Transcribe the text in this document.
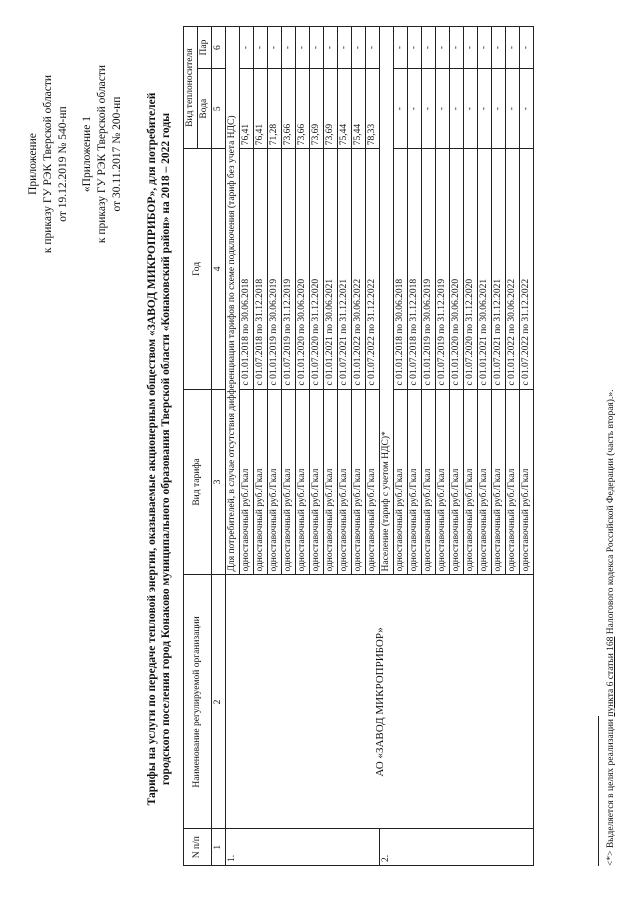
Приложение к приказу ГУ РЭК Тверской области от 19.12.2019 № 540-нп «Приложение 1 к приказу ГУ РЭК Тверской области от 30.11.2017 № 200-нп Тарифы на услуги по передаче тепловой энергии, оказываемые акционерным обществом «ЗАВОД МИКРОПРИБОР», для потребителей городского поселения город Конаково муниципального образования Тверской области «Конаковский район» на 2018 – 2022 годы
N п/п	Наименование регулируемой организации	Вид тарифа	Год	Вид теплоносителя	
				Вода	Пар
1	2	3	4	5	6
1.	АО «ЗАВОД МИКРОПРИБОР»	Для потребителей, в случае отсутствия дифференциации тарифов по схеме подключения (тариф без учета НДС)			
		одноставочный руб./Гкал	с 01.01.2018 по 30.06.2018	76,41	-
		одноставочный руб./Гкал	с 01.07.2018 по 31.12.2018	76,41	-
		одноставочный руб./Гкал	с 01.01.2019 по 30.06.2019	71,28	-
		одноставочный руб./Гкал	с 01.07.2019 по 31.12.2019	73,66	-
		одноставочный руб./Гкал	с 01.01.2020 по 30.06.2020	73,66	-
		одноставочный руб./Гкал	с 01.07.2020 по 31.12.2020	73,69	-
		одноставочный руб./Гкал	с 01.01.2021 по 30.06.2021	73,69	-
		одноставочный руб./Гкал	с 01.07.2021 по 31.12.2021	75,44	-
		одноставочный руб./Гкал	с 01.01.2022 по 30.06.2022	75,44	-
		одноставочный руб./Гкал	с 01.07.2022 по 31.12.2022	78,33	-
2.		Население (тариф с учетом НДС)*			
		одноставочный руб./Гкал	с 01.01.2018 по 30.06.2018	-	-
		одноставочный руб./Гкал	с 01.07.2018 по 31.12.2018	-	-
		одноставочный руб./Гкал	с 01.01.2019 по 30.06.2019	-	-
		одноставочный руб./Гкал	с 01.07.2019 по 31.12.2019	-	-
		одноставочный руб./Гкал	с 01.01.2020 по 30.06.2020	-	-
		одноставочный руб./Гкал	с 01.07.2020 по 31.12.2020	-	-
		одноставочный руб./Гкал	с 01.01.2021 по 30.06.2021	-	-
		одноставочный руб./Гкал	с 01.07.2021 по 31.12.2021	-	-
		одноставочный руб./Гкал	с 01.01.2022 по 30.06.2022	-	-
		одноставочный руб./Гкал	с 01.07.2022 по 31.12.2022	-	-
<*> Выделяется в целях реализации пункта 6 статьи 168 Налогового кодекса Российской Федерации (часть вторая).».
